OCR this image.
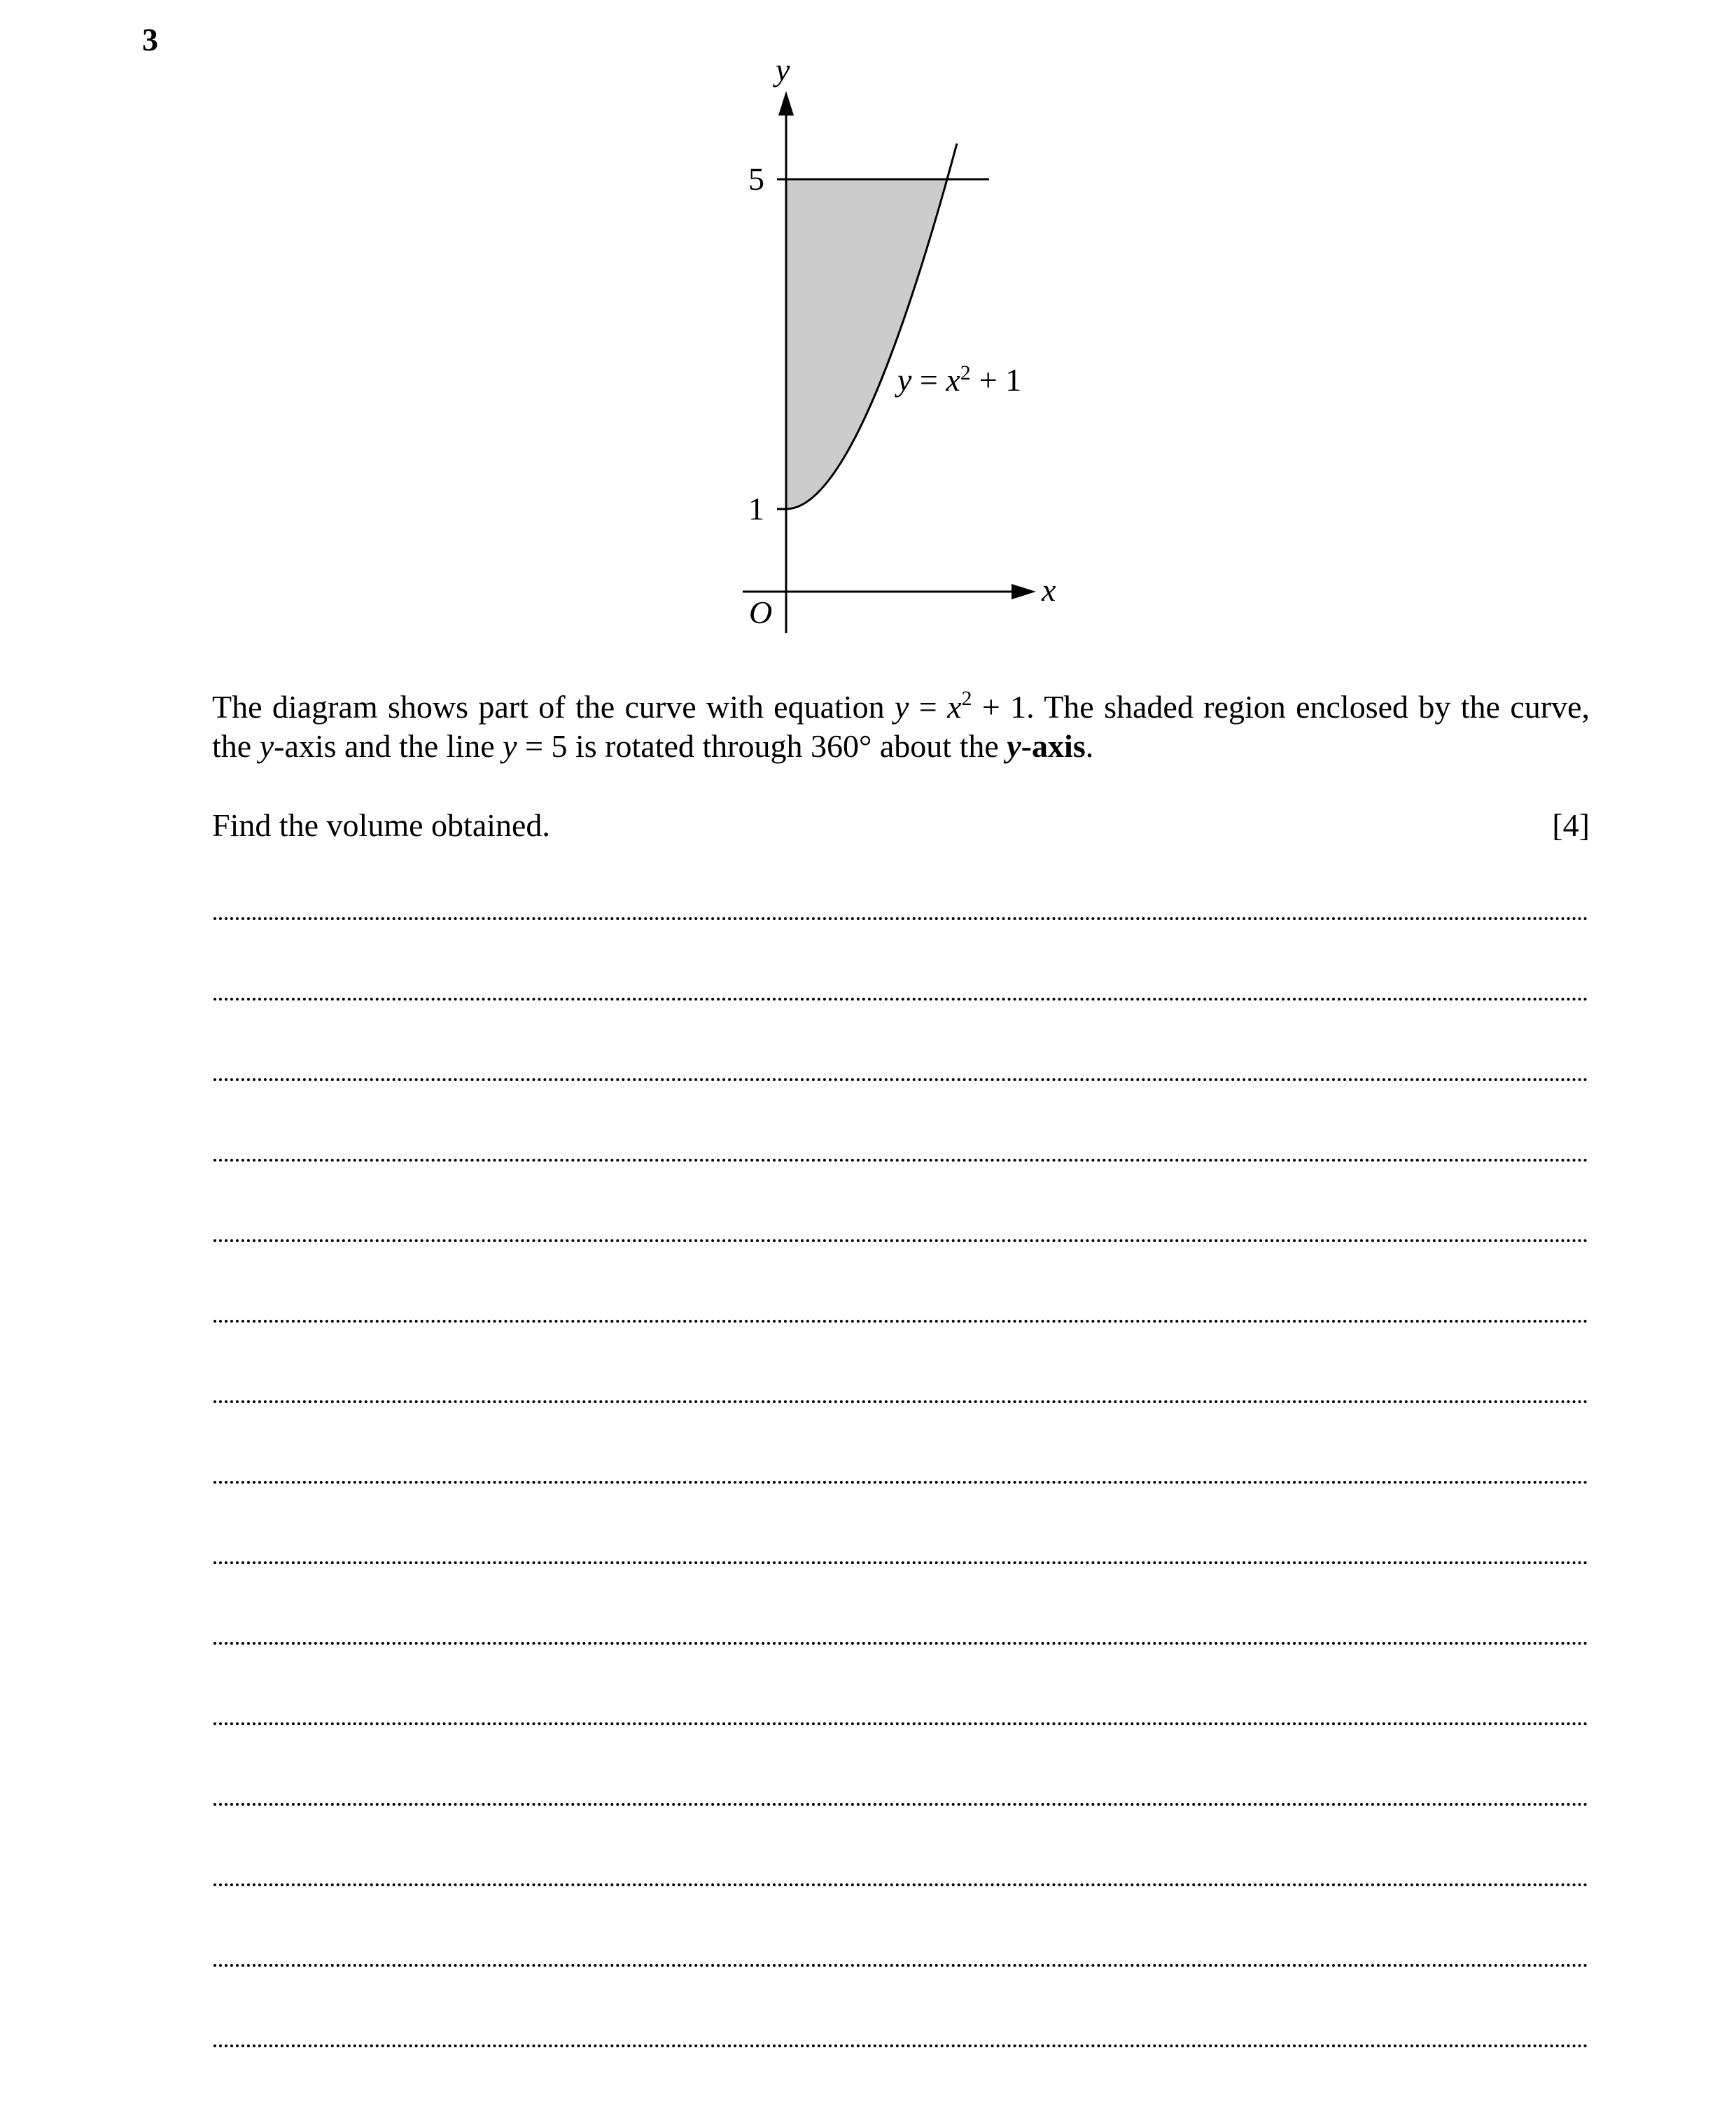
3
y
x
O
5
1
$y = x^2 + 1$
The diagram shows part of the curve with equation $y = x^2 + 1$. The shaded region enclosed by the curve, the y-axis and the line y = 5 is rotated through 360° about the y-axis.
Find the volume obtained.	[4]
